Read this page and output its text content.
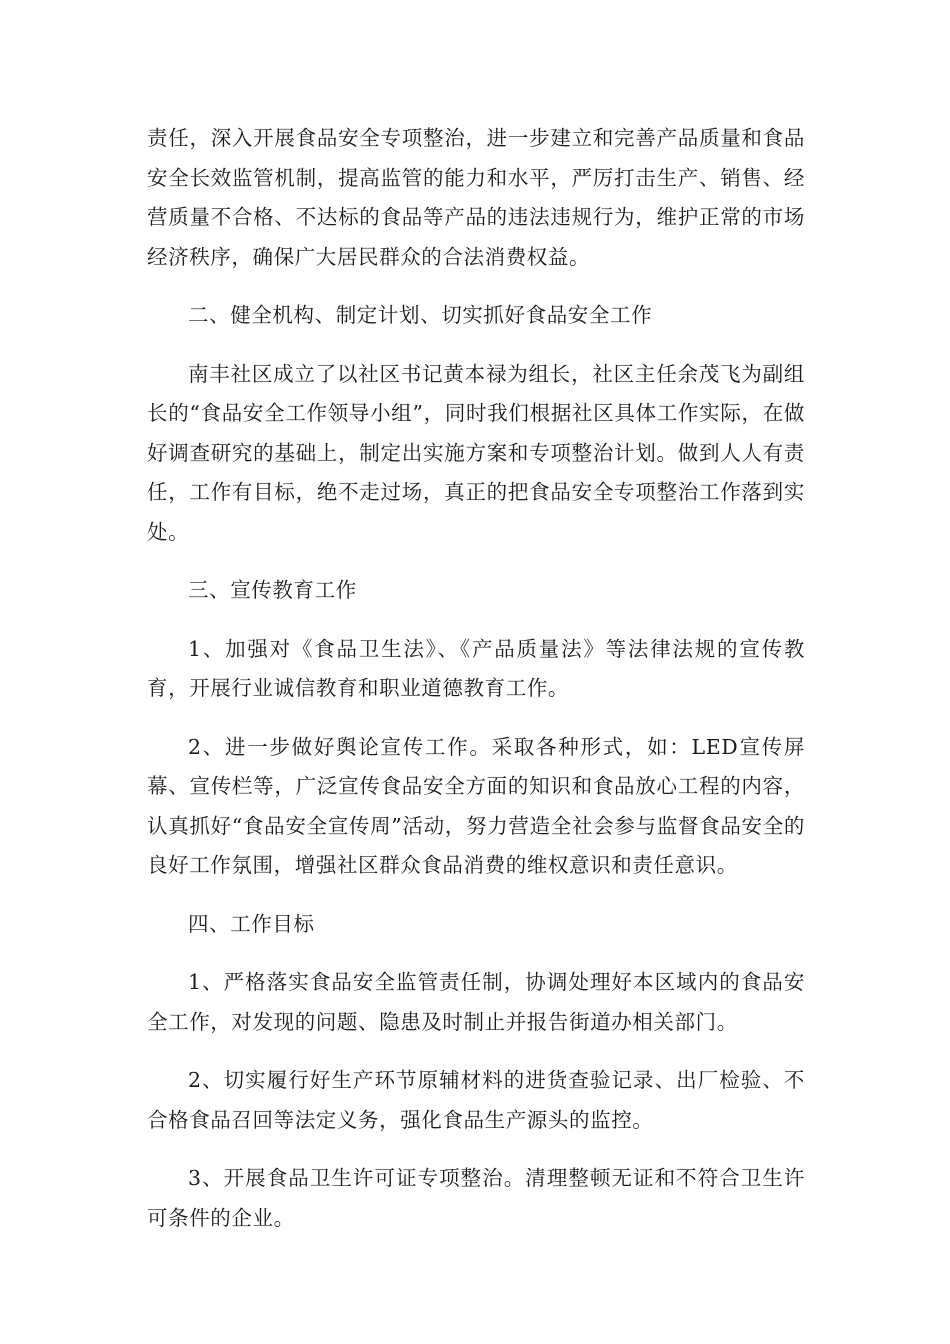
责任，深入开展食品安全专项整治，进一步建立和完善产品质量和食品安全长效监管机制，提高监管的能力和水平，严厉打击生产、销售、经营质量不合格、不达标的食品等产品的违法违规行为，维护正常的市场经济秩序，确保广大居民群众的合法消费权益。

二、健全机构、制定计划、切实抓好食品安全工作

南丰社区成立了以社区书记黄本禄为组长，社区主任余茂飞为副组长的“食品安全工作领导小组”，同时我们根据社区具体工作实际，在做好调查研究的基础上，制定出实施方案和专项整治计划。做到人人有责任，工作有目标，绝不走过场，真正的把食品安全专项整治工作落到实处。

三、宣传教育工作

1、加强对《食品卫生法》、《产品质量法》等法律法规的宣传教育，开展行业诚信教育和职业道德教育工作。

2、进一步做好舆论宣传工作。采取各种形式，如：LED宣传屏幕、宣传栏等，广泛宣传食品安全方面的知识和食品放心工程的内容，认真抓好“食品安全宣传周”活动，努力营造全社会参与监督食品安全的良好工作氛围，增强社区群众食品消费的维权意识和责任意识。

四、工作目标

1、严格落实食品安全监管责任制，协调处理好本区域内的食品安全工作，对发现的问题、隐患及时制止并报告街道办相关部门。

2、切实履行好生产环节原辅材料的进货查验记录、出厂检验、不合格食品召回等法定义务，强化食品生产源头的监控。

3、开展食品卫生许可证专项整治。清理整顿无证和不符合卫生许可条件的企业。
